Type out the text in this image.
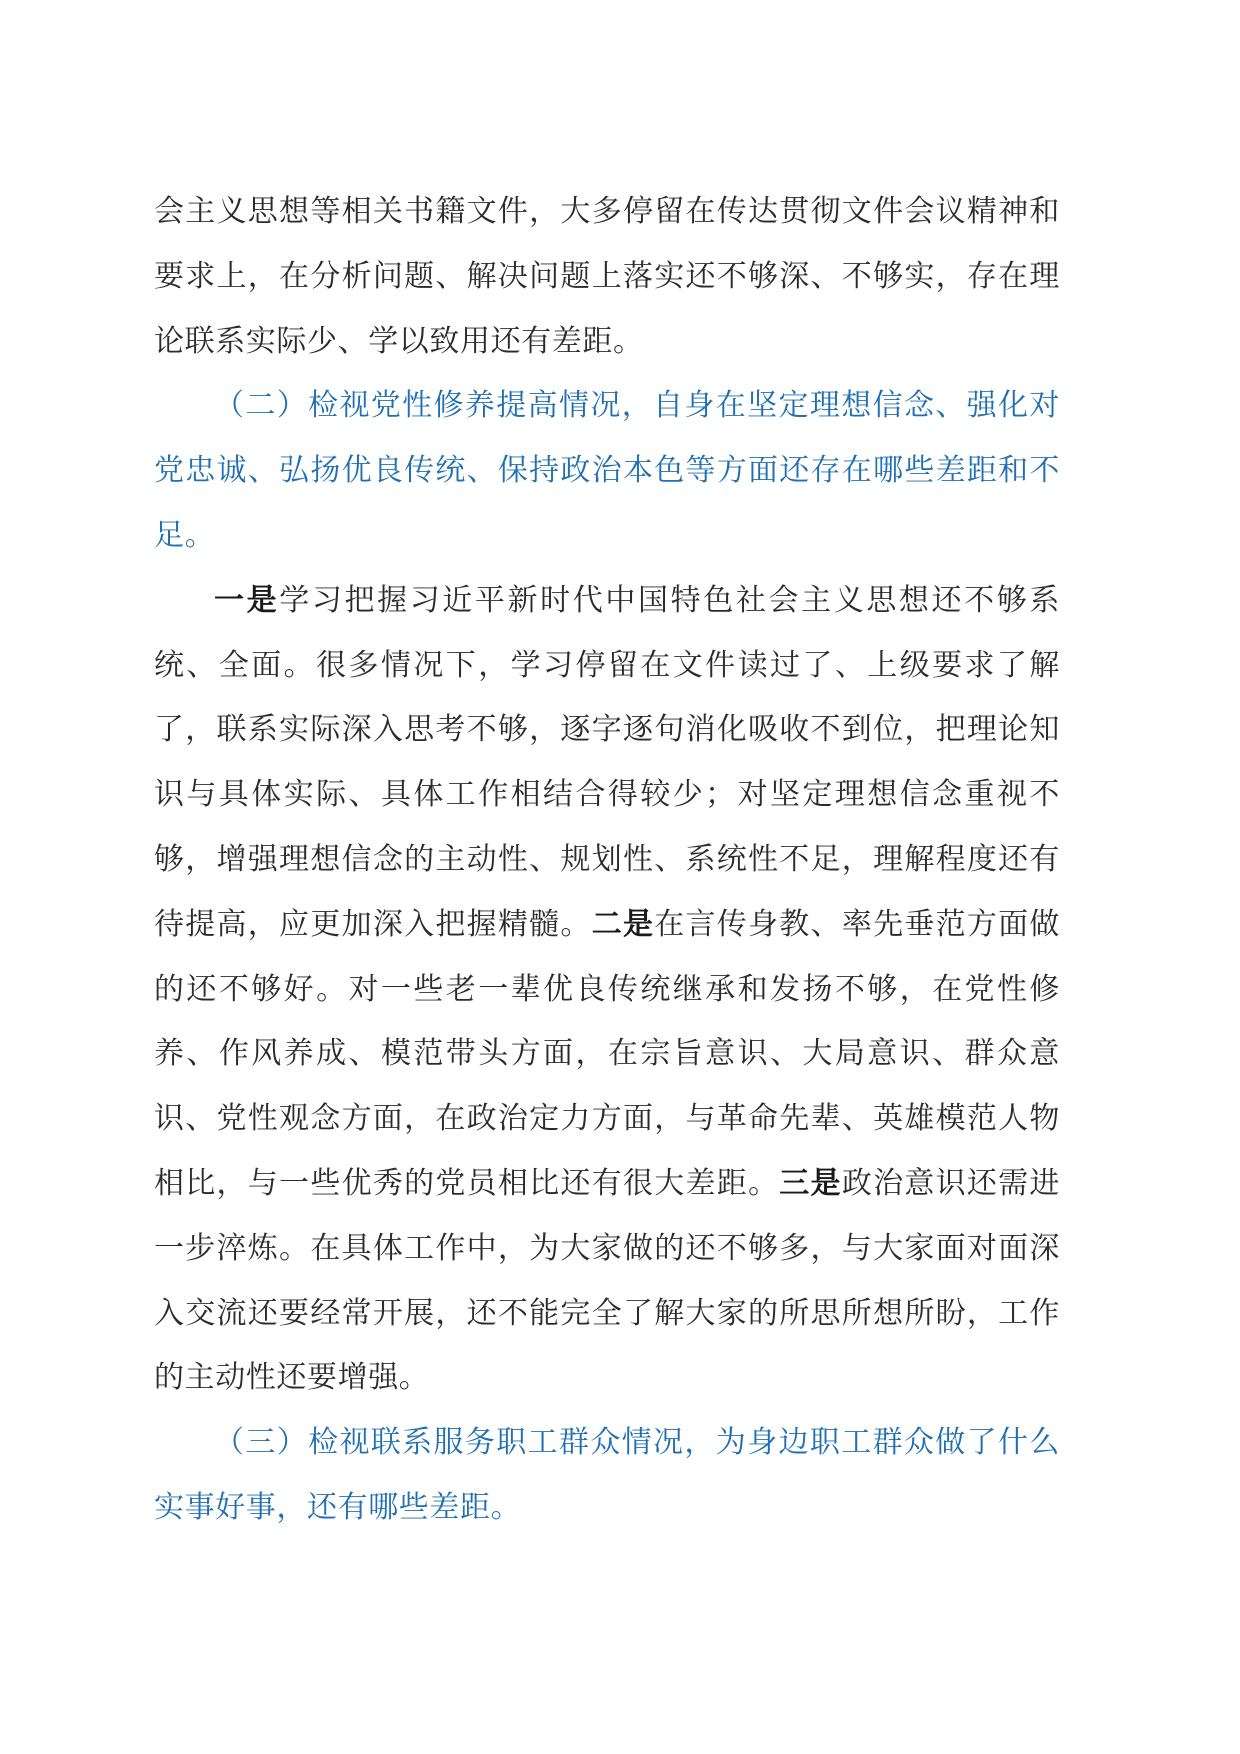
会主义思想等相关书籍文件，大多停留在传达贯彻文件会议精神和要求上，在分析问题、解决问题上落实还不够深、不够实，存在理论联系实际少、学以致用还有差距。

（二）检视党性修养提高情况，自身在坚定理想信念、强化对党忠诚、弘扬优良传统、保持政治本色等方面还存在哪些差距和不足。

一是学习把握习近平新时代中国特色社会主义思想还不够系统、全面。很多情况下，学习停留在文件读过了、上级要求了解了，联系实际深入思考不够，逐字逐句消化吸收不到位，把理论知识与具体实际、具体工作相结合得较少；对坚定理想信念重视不够，增强理想信念的主动性、规划性、系统性不足，理解程度还有待提高，应更加深入把握精髓。二是在言传身教、率先垂范方面做的还不够好。对一些老一辈优良传统继承和发扬不够，在党性修养、作风养成、模范带头方面，在宗旨意识、大局意识、群众意识、党性观念方面，在政治定力方面，与革命先辈、英雄模范人物相比，与一些优秀的党员相比还有很大差距。三是政治意识还需进一步淬炼。在具体工作中，为大家做的还不够多，与大家面对面深入交流还要经常开展，还不能完全了解大家的所思所想所盼，工作的主动性还要增强。

（三）检视联系服务职工群众情况，为身边职工群众做了什么实事好事，还有哪些差距。
